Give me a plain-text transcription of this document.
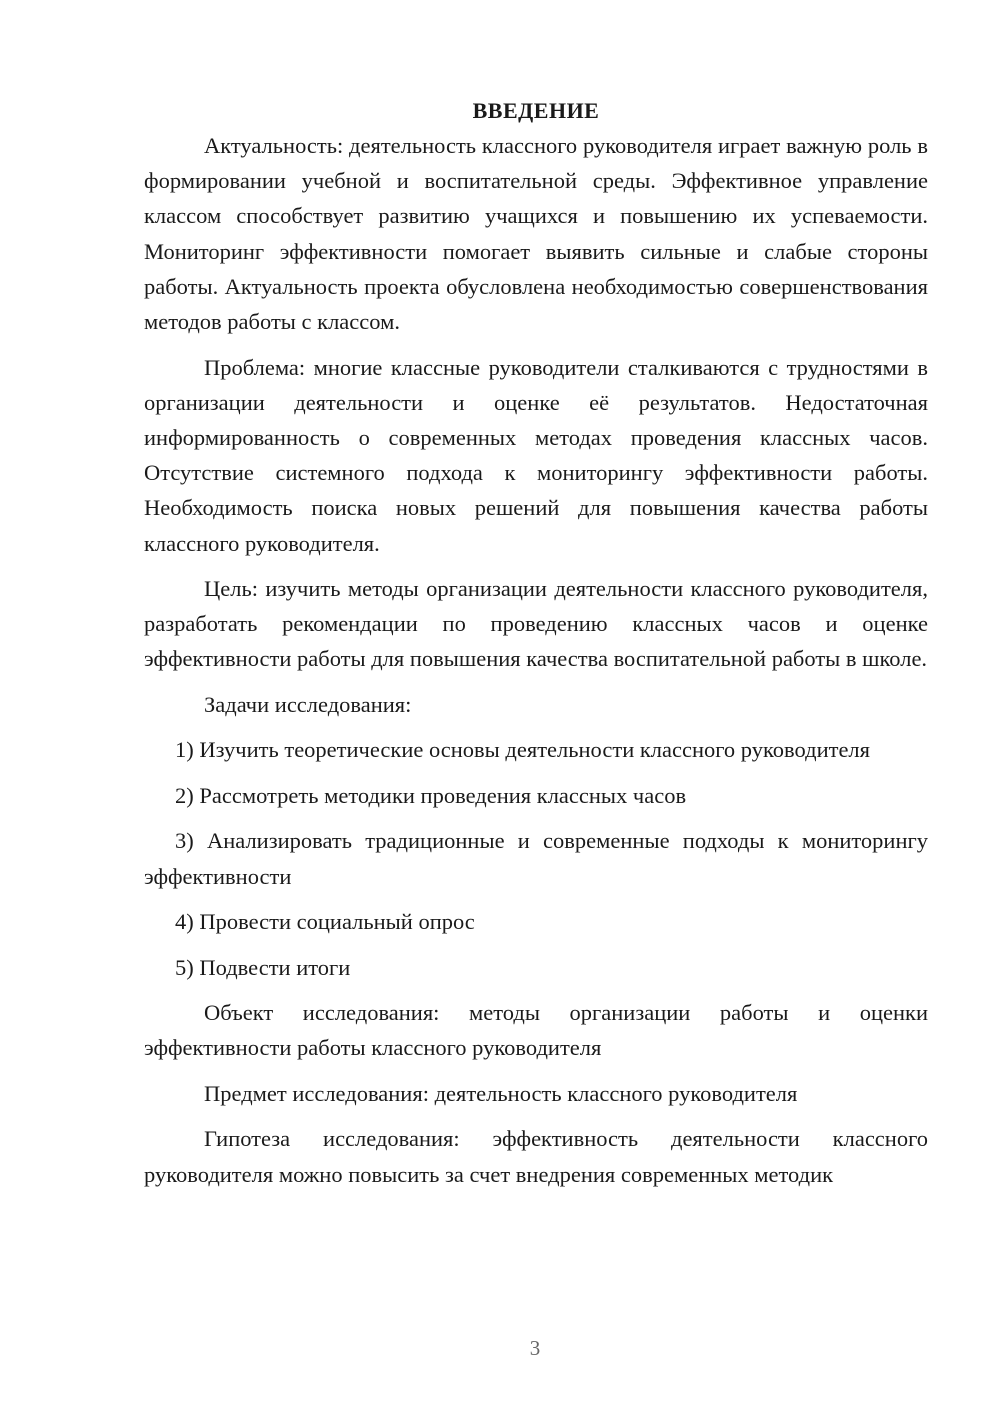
ВВЕДЕНИЕ

Актуальность: деятельность классного руководителя играет важную роль в формировании учебной и воспитательной среды. Эффективное управление классом способствует развитию учащихся и повышению их успеваемости. Мониторинг эффективности помогает выявить сильные и слабые стороны работы. Актуальность проекта обусловлена необходимостью совершенствования методов работы с классом.

Проблема: многие классные руководители сталкиваются с трудностями в организации деятельности и оценке её результатов. Недостаточная информированность о современных методах проведения классных часов. Отсутствие системного подхода к мониторингу эффективности работы. Необходимость поиска новых решений для повышения качества работы классного руководителя.

Цель: изучить методы организации деятельности классного руководителя, разработать рекомендации по проведению классных часов и оценке эффективности работы для повышения качества воспитательной работы в школе.

Задачи исследования:

1) Изучить теоретические основы деятельности классного руководителя

2) Рассмотреть методики проведения классных часов

3) Анализировать традиционные и современные подходы к мониторингу эффективности

4) Провести социальный опрос

5) Подвести итоги

Объект исследования: методы организации работы и оценки эффективности работы классного руководителя

Предмет исследования: деятельность классного руководителя

Гипотеза исследования: эффективность деятельности классного руководителя можно повысить за счет внедрения современных методик

3
